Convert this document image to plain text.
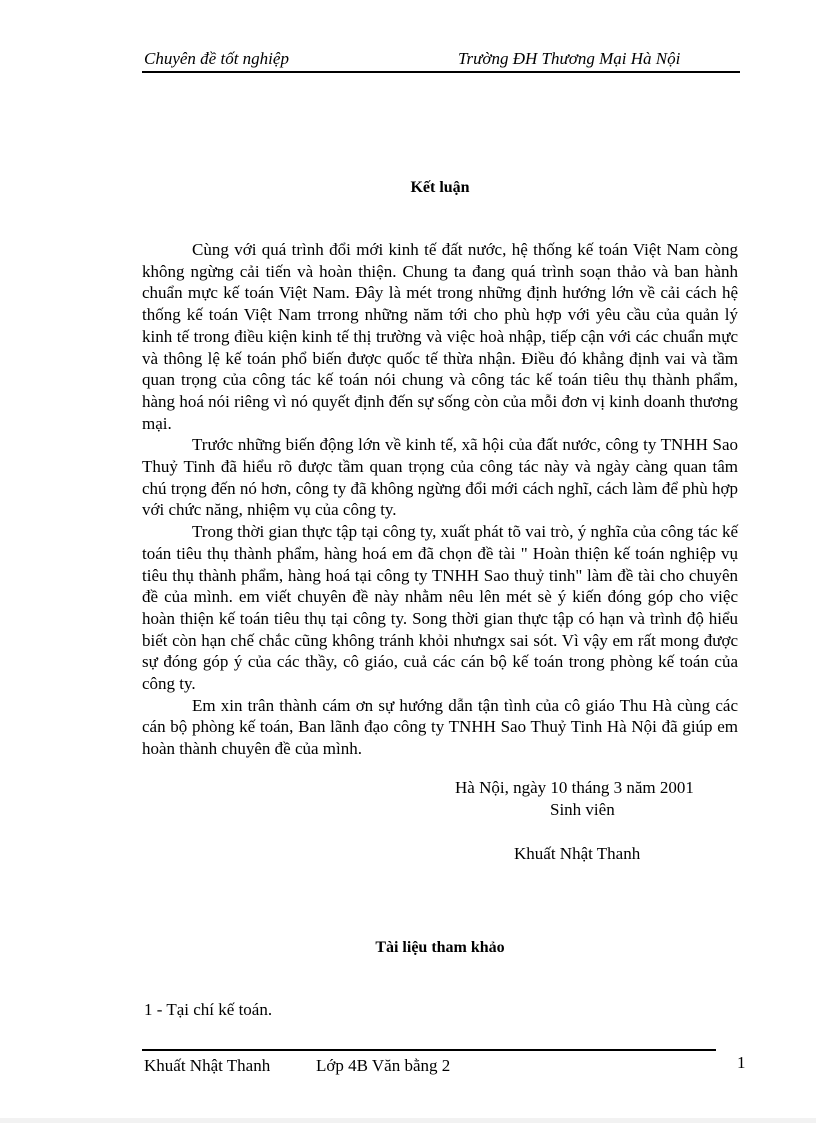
Chuyên đề tốt nghiệp	Trường ĐH Thương Mại Hà Nội
Kết luận

Cùng với quá trình đổi mới kinh tế đất nước, hệ thống kế toán Việt Nam còng không ngừng cải tiến và hoàn thiện. Chung ta đang quá trình soạn thảo và ban hành chuẩn mực kế toán Việt Nam. Đây là mét trong những định hướng lớn về cải cách hệ thống kế toán Việt Nam trrong những năm tới cho phù hợp với yêu cầu của quản lý kinh tế trong điều kiện kinh tế thị trường và việc hoà nhập, tiếp cận với các chuẩn mực và thông lệ kế toán phổ biến được quốc tế thừa nhận. Điều đó khẳng định vai và tầm quan trọng của công tác kế toán nói chung và công tác kế toán tiêu thụ thành phẩm, hàng hoá nói riêng vì nó quyết định đến sự sống còn của mỗi đơn vị kinh doanh thương mại.

Trước những biến động lớn về kinh tế, xã hội của đất nước, công ty TNHH Sao Thuỷ Tinh đã hiểu rõ được tầm quan trọng của công tác này và ngày càng quan tâm chú trọng đến nó hơn, công ty đã không ngừng đổi mới cách nghĩ, cách làm để phù hợp với chức năng, nhiệm vụ của công ty.

Trong thời gian thực tập tại công ty, xuất phát tõ vai trò, ý nghĩa của công tác kế toán tiêu thụ thành phẩm, hàng hoá em đã chọn đề tài " Hoàn thiện kế toán nghiệp vụ tiêu thụ thành phẩm, hàng hoá tại công ty TNHH Sao thuỷ tinh" làm đề tài cho chuyên đề của mình. em viết chuyên đề này nhằm nêu lên mét sè ý kiến đóng góp cho việc hoàn thiện kế toán tiêu thụ tại công ty. Song thời gian thực tập có hạn và trình độ hiểu biết còn hạn chế chắc cũng không tránh khỏi nhưngx sai sót. Vì vậy em rất mong được sự đóng góp ý của các thầy, cô giáo, cuả các cán bộ kế toán trong phòng kế toán của công ty.

Em xin trân thành cám ơn sự hướng dẫn tận tình của cô giáo Thu Hà cùng các cán bộ phòng kế toán, Ban lãnh đạo công ty TNHH Sao Thuỷ Tinh Hà Nội đã giúp em hoàn thành chuyên đề của mình.

Hà Nội, ngày 10 tháng 3 năm 2001
Sinh viên
Khuất Nhật Thanh
Tài liệu tham khảo
1 - Tại chí kế toán.
Khuất Nhật Thanh	Lớp 4B Văn bằng 2	1
